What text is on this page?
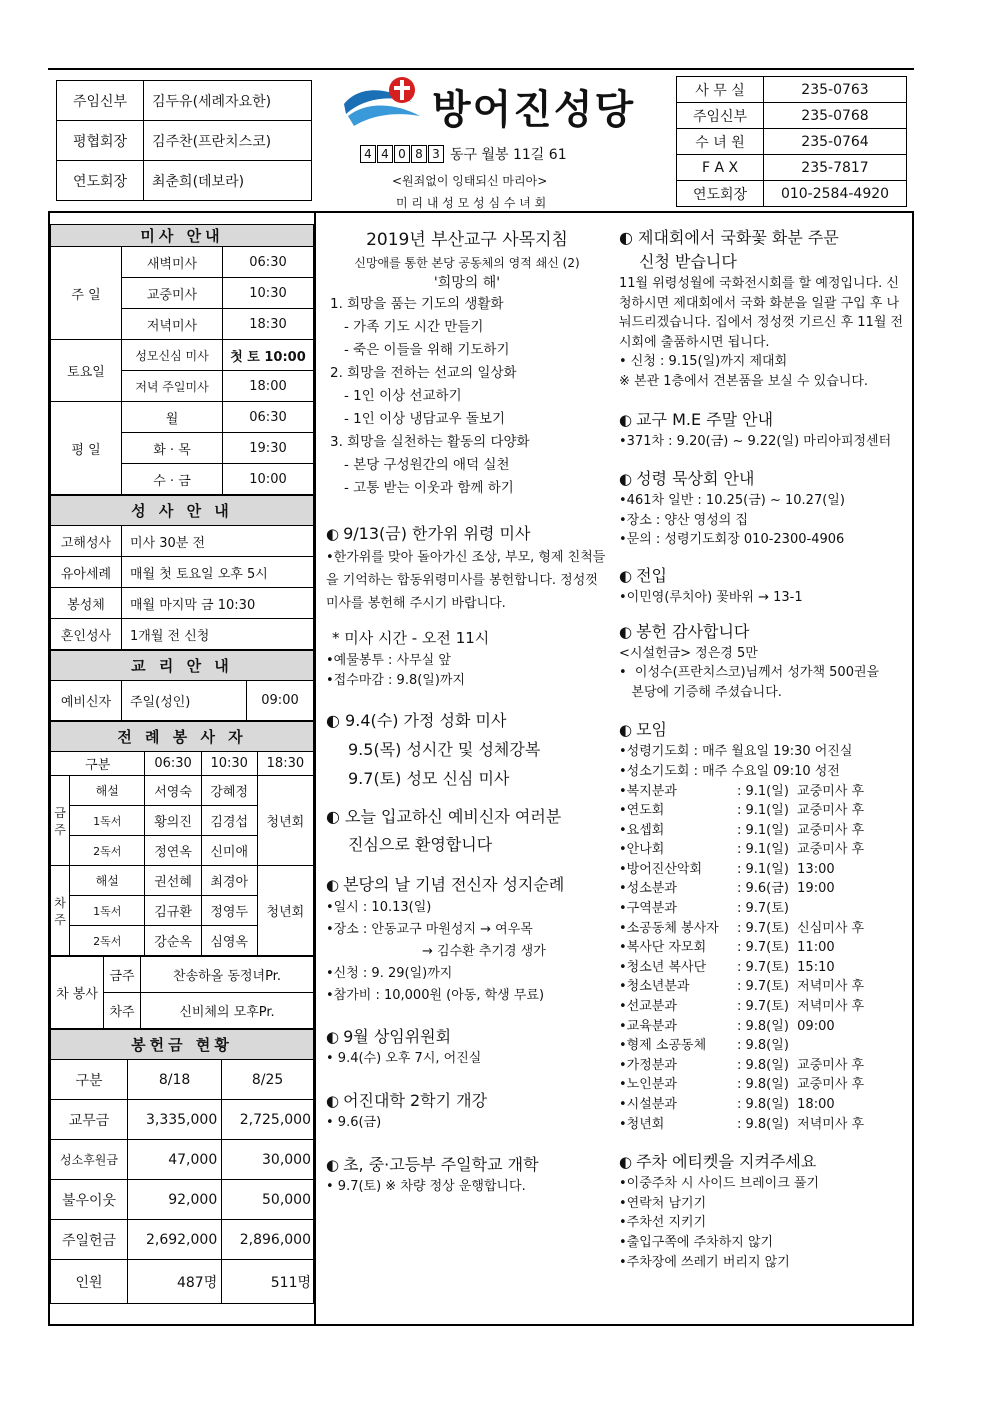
주임신부	김두유(세례자요한)
평협회장	김주찬(프란치스코)
연도회장	최춘희(데보라)
방어진성당
4 4 0 8 3 동구 월봉 11길 61
<원죄없이 잉태되신 마리아>
미 리 내 성 모 성 심 수 녀 회
사 무 실	235-0763
주임신부	235-0768
수 녀 원	235-0764
F A X	235-7817
연도회장	010-2584-4920
미사 안내		
주 일	새벽미사	06:30
	교중미사	10:30
	저녁미사	18:30
토요일	성모신심 미사	첫 토 10:00
	저녁 주일미사	18:00
평 일	월	06:30
	화 · 목	19:30
	수 · 금	10:00
성 사 안 내	
고해성사	미사 30분 전
유아세례	매월 첫 토요일 오후 5시
봉성체	매월 마지막 금 10:30
혼인성사	1개월 전 신청
교 리 안 내
예비신자	주일(성인)	09:00
전 례 봉 사 자				
구분		06:30	10:30	18:30
금주	해설	서영숙	강혜정	청년회
	1독서	황의진	김경섭	
	2독서	정연옥	신미애	
차주	해설	권선혜	최경아	청년회
	1독서	김규환	정영두	
	2독서	강순옥	심영옥	
차 봉사	금주	찬송하올 동정녀Pr.
	차주	신비체의 모후Pr.
봉헌금 현황		
구분	8/18	8/25
교무금	3,335,000	2,725,000
성소후원금	47,000	30,000
불우이웃	92,000	50,000
주일헌금	2,692,000	2,896,000
인원	487명	511명

2019년 부산교구 사목지침

신망애를 통한 본당 공동체의 영적 쇄신 (2)

'희망의 해'

1. 희망을 품는 기도의 생활화

- 가족 기도 시간 만들기

- 죽은 이들을 위해 기도하기

2. 희망을 전하는 선교의 일상화

- 1인 이상 선교하기

- 1인 이상 냉담교우 돌보기

3. 희망을 실천하는 활동의 다양화

- 본당 구성원간의 애덕 실천

- 고통 받는 이웃과 함께 하기

◐ 9/13(금) 한가위 위령 미사

•한가위를 맞아 돌아가신 조상, 부모, 형제 친척들을 기억하는 합동위령미사를 봉헌합니다. 정성껏 미사를 봉헌해 주시기 바랍니다.

* 미사 시간 - 오전 11시

•예물봉투 : 사무실 앞

•접수마감 : 9.8(일)까지

◐ 9.4(수) 가정 성화 미사

9.5(목) 성시간 및 성체강복

9.7(토) 성모 신심 미사

◐ 오늘 입교하신 예비신자 여러분

진심으로 환영합니다

◐ 본당의 날 기념 전신자 성지순례

•일시 : 10.13(일)

•장소 : 안동교구 마원성지 → 여우목

→ 김수환 추기경 생가

•신청 : 9. 29(일)까지

•참가비 : 10,000원 (아동, 학생 무료)

◐ 9월 상임위원회

• 9.4(수) 오후 7시, 어진실

◐ 어진대학 2학기 개강

• 9.6(금)

◐ 초, 중·고등부 주일학교 개학

• 9.7(토) ※ 차량 정상 운행합니다.

◐ 제대회에서 국화꽃 화분 주문

신청 받습니다

11월 위령성월에 국화전시회를 할 예정입니다. 신청하시면 제대회에서 국화 화분을 일괄 구입 후 나눠드리겠습니다. 집에서 정성껏 기르신 후 11월 전시회에 출품하시면 됩니다.

• 신청 : 9.15(일)까지 제대회

※ 본관 1층에서 견본품을 보실 수 있습니다.

◐ 교구 M.E 주말 안내

•371차 : 9.20(금) ~ 9.22(일) 마리아피정센터

◐ 성령 묵상회 안내

•461차 일반 : 10.25(금) ~ 10.27(일)

•장소 : 양산 영성의 집

•문의 : 성령기도회장 010-2300-4906

◐ 전입

•이민영(루치아) 꽃바위 → 13-1

◐ 봉헌 감사합니다

<시설헌금> 정은경 5만

•  이성수(프란치스코)님께서 성가책 500권을

본당에 기증해 주셨습니다.

◐ 모임

•성령기도회 : 매주 월요일 19:30 어진실

•성소기도회 : 매주 수요일 09:10 성전

•복지분과	: 9.1(일)  교중미사 후

•연도회	: 9.1(일)  교중미사 후

•요셉회	: 9.1(일)  교중미사 후

•안나회	: 9.1(일)  교중미사 후

•방어진산악회	: 9.1(일)  13:00

•성소분과	: 9.6(금)  19:00

•구역분과	: 9.7(토)

•소공동체 봉사자 : 9.7(토)  신심미사 후

•복사단 자모회 : 9.7(토)  11:00

•청소년 복사단 : 9.7(토)  15:10

•청소년분과	: 9.7(토)  저녁미사 후

•선교분과	: 9.7(토)  저녁미사 후

•교육분과	: 9.8(일)  09:00

•형제 소공동체 : 9.8(일)

•가정분과	: 9.8(일)  교중미사 후

•노인분과	: 9.8(일)  교중미사 후

•시설분과	: 9.8(일)  18:00

•청년회	: 9.8(일)  저녁미사 후

◐ 주차 에티켓을 지켜주세요

•이중주차 시 사이드 브레이크 풀기

•연락처 남기기

•주차선 지키기

•출입구쪽에 주차하지 않기

•주차장에 쓰레기 버리지 않기
